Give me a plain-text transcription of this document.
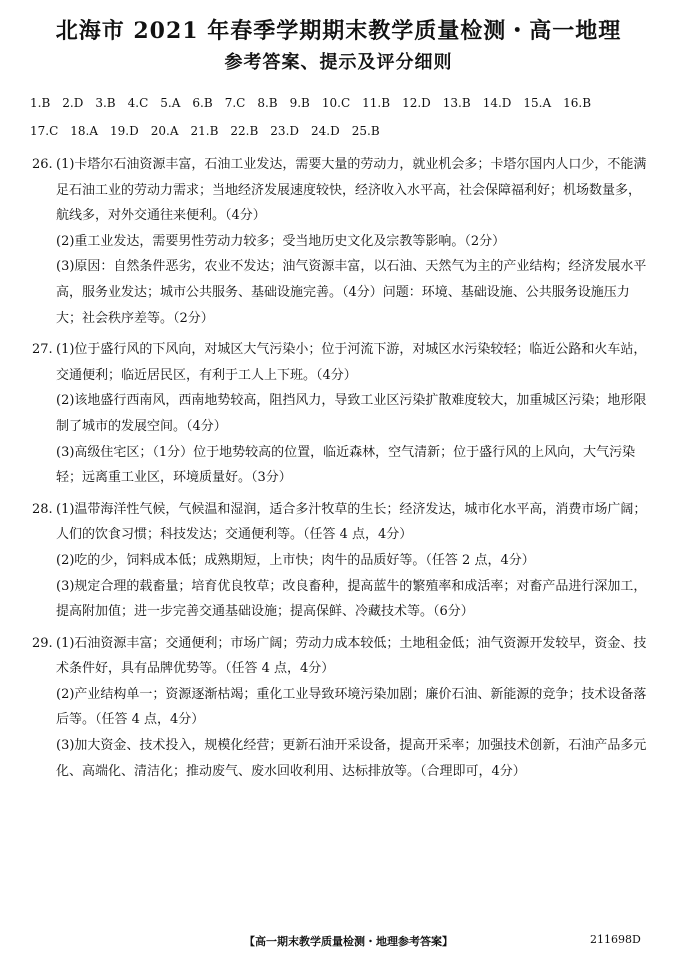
北海市 2021 年春季学期期末教学质量检测・高一地理
参考答案、提示及评分细则
1.B 2.D 3.B 4.C 5.A 6.B 7.C 8.B 9.B 10.C 11.B 12.D 13.B 14.D 15.A 16.B
17.C 18.A 19.D 20.A 21.B 22.B 23.D 24.D 25.B

26. (1)卡塔尔石油资源丰富，石油工业发达，需要大量的劳动力，就业机会多；卡塔尔国内人口少，不能满足石油工业的劳动力需求；当地经济发展速度较快，经济收入水平高，社会保障福利好；机场数量多，航线多，对外交通往来便利。（4分）

(2)重工业发达，需要男性劳动力较多；受当地历史文化及宗教等影响。（2分）

(3)原因：自然条件恶劣，农业不发达；油气资源丰富，以石油、天然气为主的产业结构；经济发展水平高，服务业发达；城市公共服务、基础设施完善。（4分）问题：环境、基础设施、公共服务设施压力大；社会秩序差等。（2分）

27. (1)位于盛行风的下风向，对城区大气污染小；位于河流下游，对城区水污染较轻；临近公路和火车站，交通便利；临近居民区，有利于工人上下班。（4分）

(2)该地盛行西南风，西南地势较高，阻挡风力，导致工业区污染扩散难度较大，加重城区污染；地形限制了城市的发展空间。（4分）

(3)高级住宅区；（1分）位于地势较高的位置，临近森林，空气清新；位于盛行风的上风向，大气污染轻；远离重工业区，环境质量好。（3分）

28. (1)温带海洋性气候，气候温和湿润，适合多汁牧草的生长；经济发达，城市化水平高，消费市场广阔；人们的饮食习惯；科技发达；交通便利等。（任答 4 点，4分）

(2)吃的少，饲料成本低；成熟期短，上市快；肉牛的品质好等。（任答 2 点，4分）

(3)规定合理的载畜量；培育优良牧草；改良畜种，提高蓝牛的繁殖率和成活率；对畜产品进行深加工，提高附加值；进一步完善交通基础设施；提高保鲜、冷藏技术等。（6分）

29. (1)石油资源丰富；交通便利；市场广阔；劳动力成本较低；土地租金低；油气资源开发较早，资金、技术条件好，具有品牌优势等。（任答 4 点，4分）

(2)产业结构单一；资源逐渐枯竭；重化工业导致环境污染加剧；廉价石油、新能源的竞争；技术设备落后等。（任答 4 点，4分）

(3)加大资金、技术投入，规模化经营；更新石油开采设备，提高开采率；加强技术创新，石油产品多元化、高端化、清洁化；推动废气、废水回收利用、达标排放等。（合理即可，4分）

【高一期末教学质量检测・地理参考答案】	211698D
